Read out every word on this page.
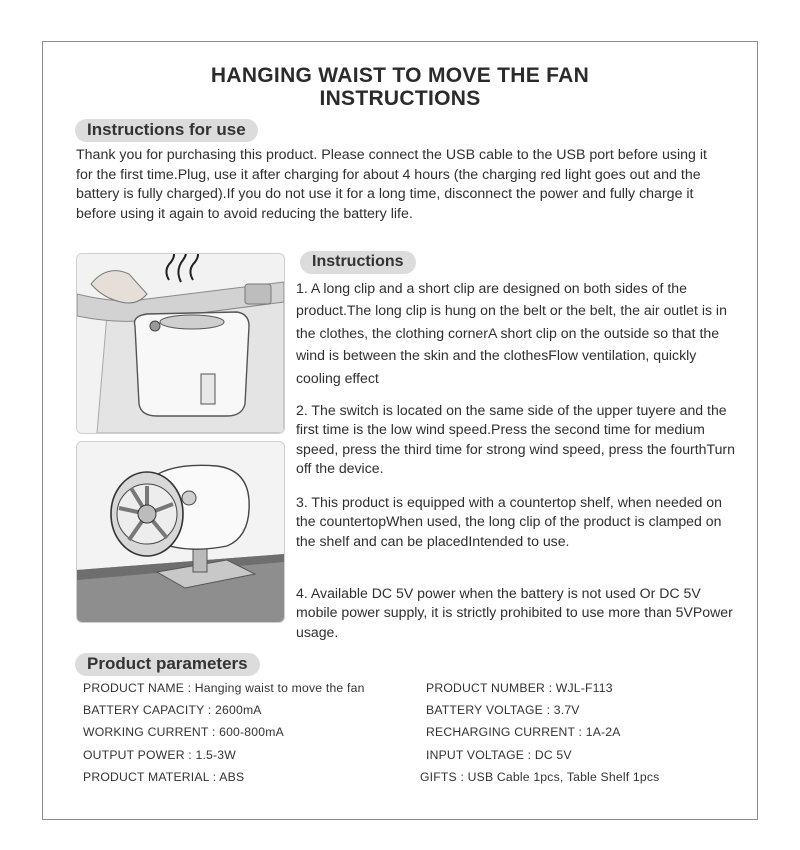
HANGING WAIST TO MOVE THE FAN
INSTRUCTIONS
Instructions for use

Thank you for purchasing this product. Please connect the USB cable to the USB port before using it for the first time.Plug, use it after charging for about 4 hours (the charging red light goes out and the battery is fully charged).If you do not use it for a long time, disconnect the power and fully charge it before using it again to avoid reducing the battery life.

Instructions

1. A long clip and a short clip are designed on both sides of the product.The long clip is hung on the belt or the belt, the air outlet is in the clothes, the clothing cornerA short clip on the outside so that the wind is between the skin and the clothesFlow ventilation, quickly cooling effect

2. The switch is located on the same side of the upper tuyere and the first time is the low wind speed.Press the second time for medium speed, press the third time for strong wind speed, press the fourthTurn off the device.

3. This product is equipped with a countertop shelf, when needed on the countertopWhen used, the long clip of the product is clamped on the shelf and can be placedIntended to use.

4. Available DC 5V power when the battery is not used Or DC 5V mobile power supply, it is strictly prohibited to use more than 5VPower usage.

Product parameters
PRODUCT NAME : Hanging waist to move the fan	PRODUCT NUMBER : WJL-F113
BATTERY CAPACITY : 2600mA	BATTERY VOLTAGE : 3.7V
WORKING CURRENT : 600-800mA	RECHARGING CURRENT : 1A-2A
OUTPUT POWER : 1.5-3W	INPUT VOLTAGE : DC 5V
PRODUCT MATERIAL : ABS	GIFTS : USB Cable 1pcs, Table Shelf 1pcs
